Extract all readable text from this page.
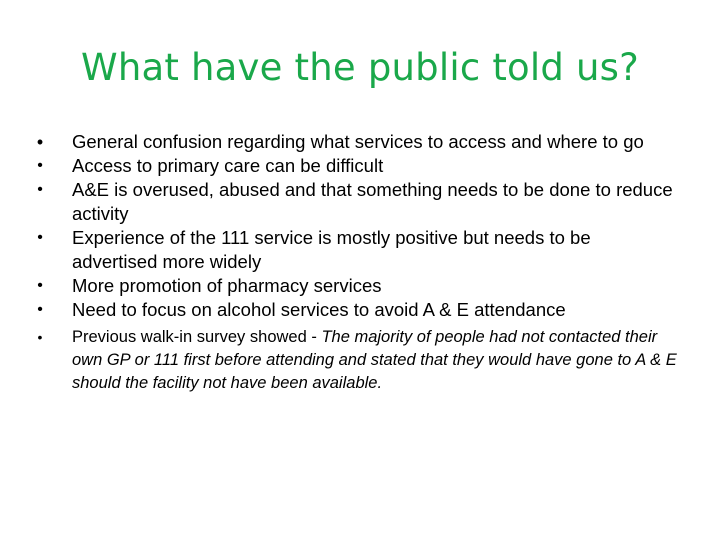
What have the public told us?
•	General confusion regarding what services to access and where to go
•	Access to primary care can be difficult
•	A&E is overused, abused and that something needs to be done to reduce activity
•	Experience of the 111 service is mostly positive but needs to be advertised more widely
•	More promotion of pharmacy services
•	Need to focus on alcohol services to avoid A & E attendance
•	Previous walk-in survey showed - The majority of people had not contacted their own GP or 111 first before attending and stated that they would have gone to A & E should the facility not have been available.
